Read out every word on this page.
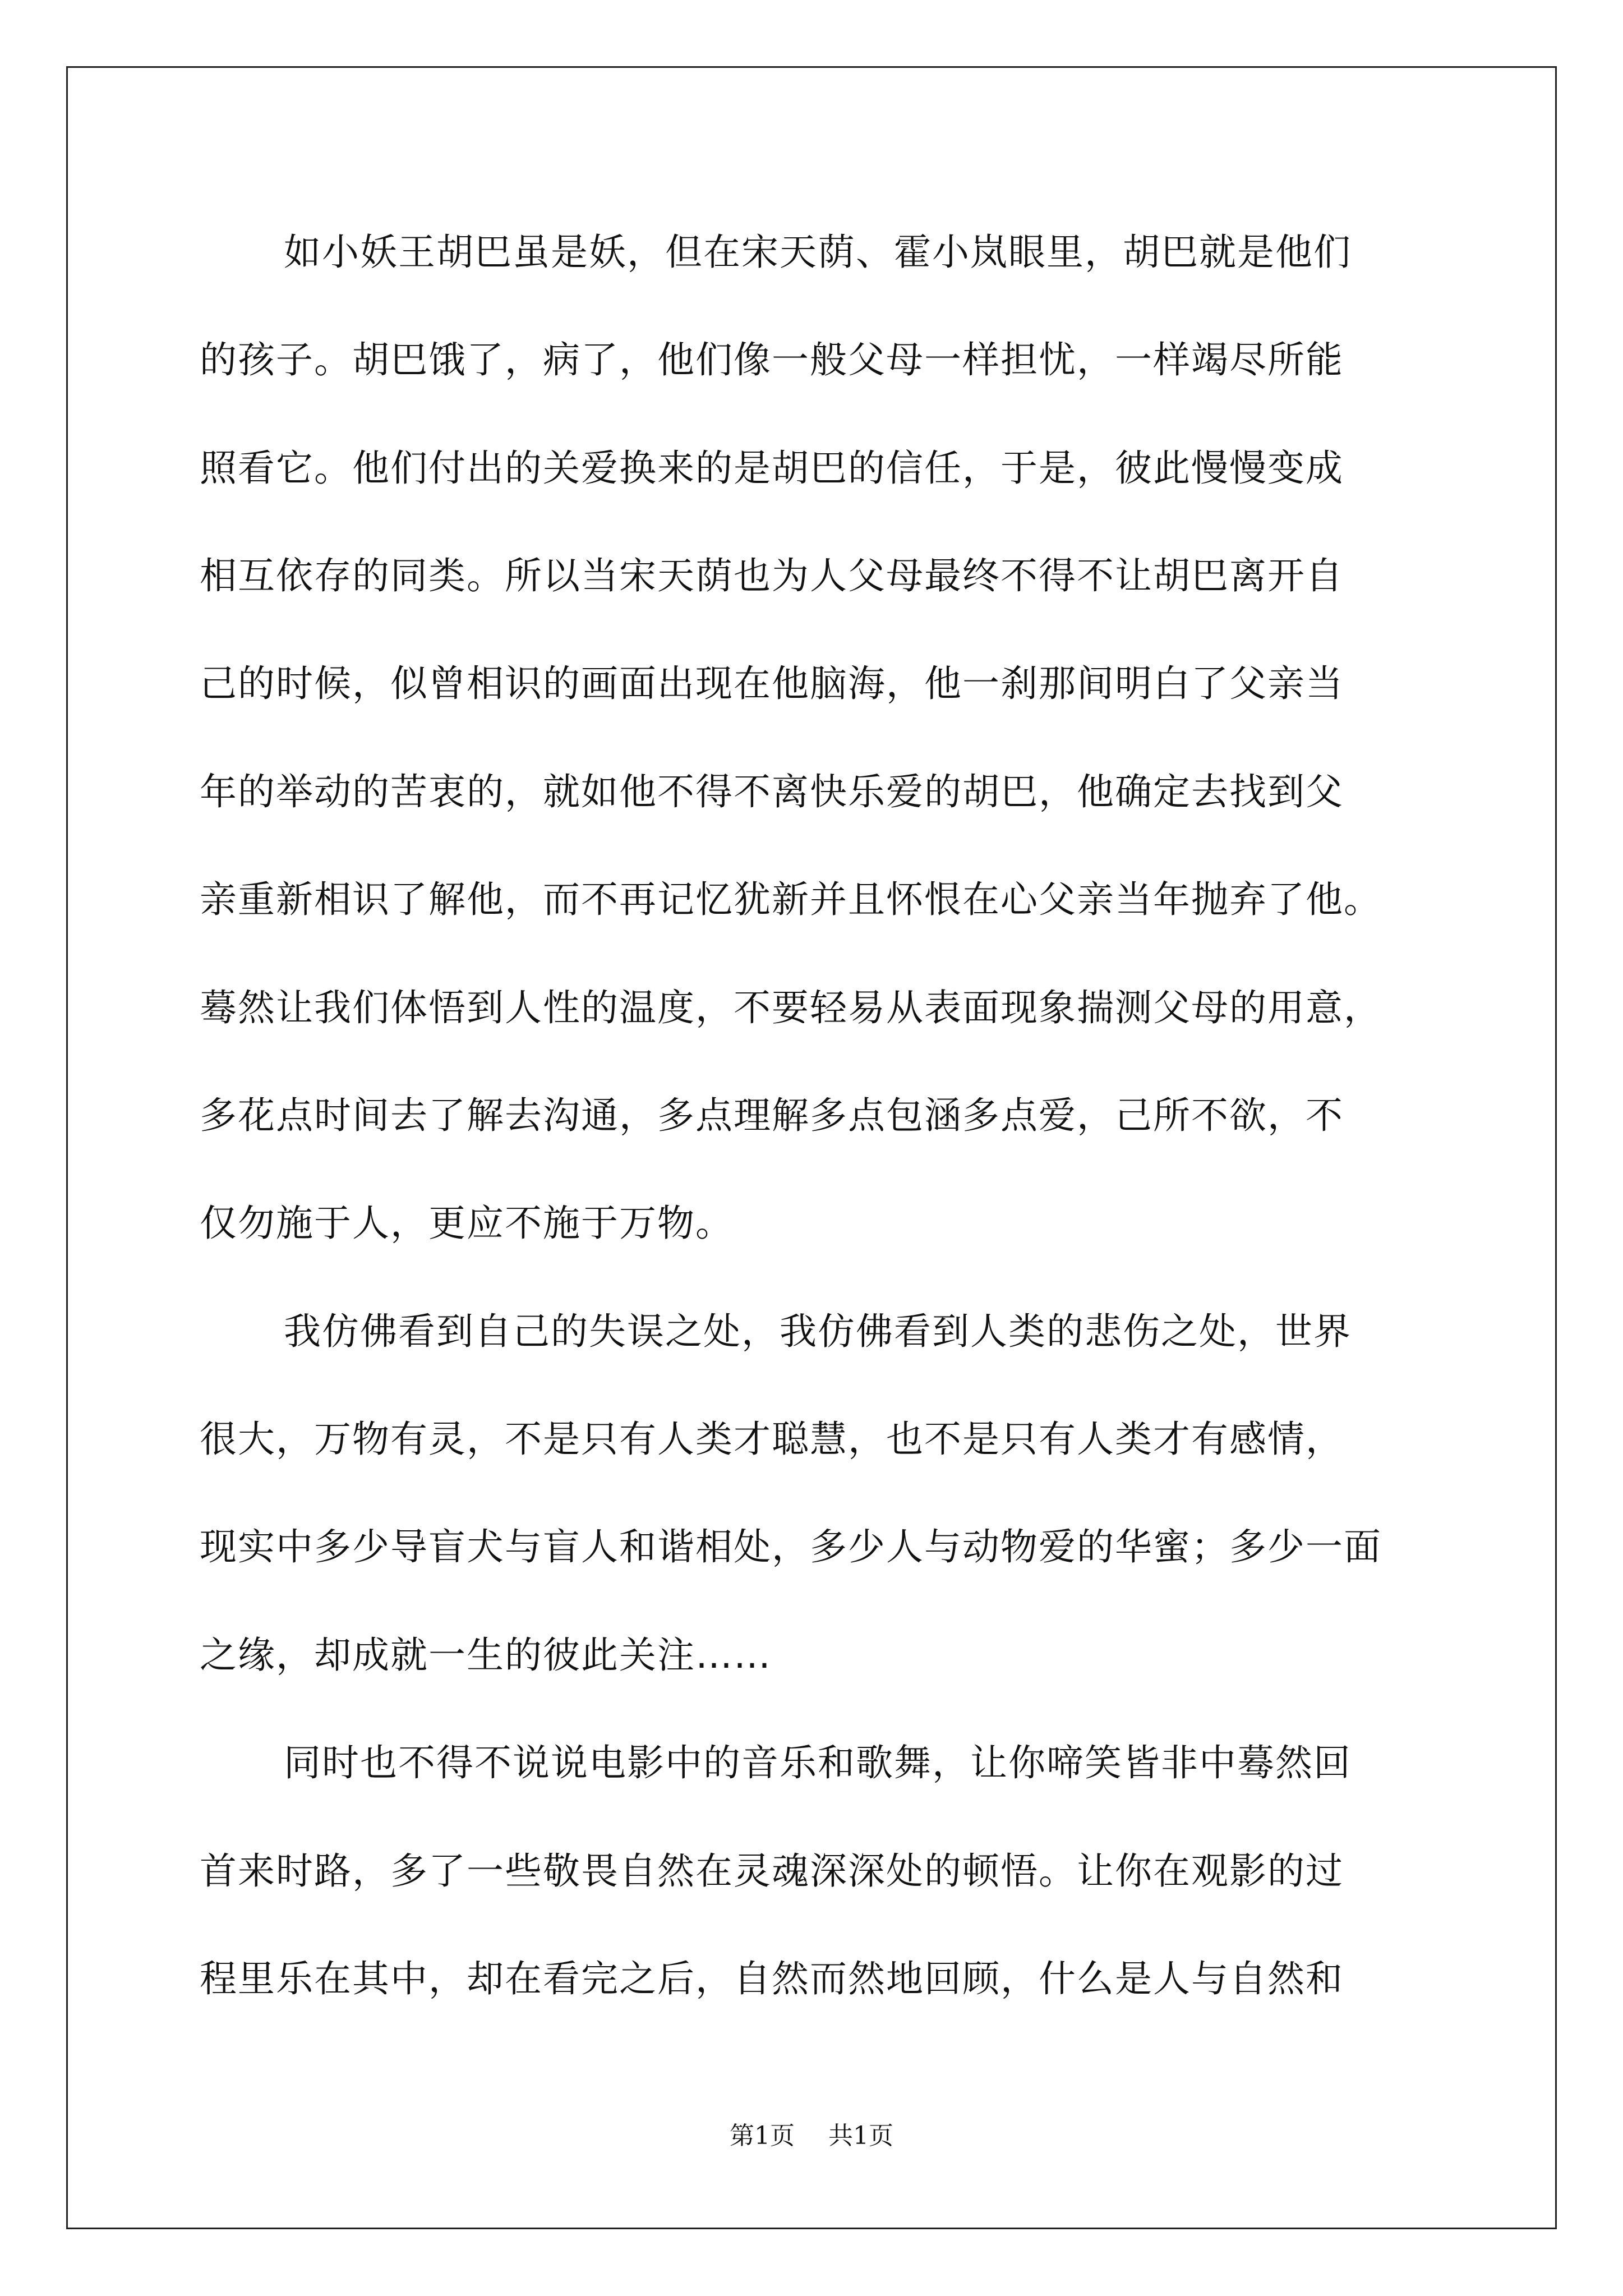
如小妖王胡巴虽是妖，但在宋天荫、霍小岚眼里，胡巴就是他们
的孩子。胡巴饿了，病了，他们像一般父母一样担忧，一样竭尽所能
照看它。他们付出的关爱换来的是胡巴的信任，于是，彼此慢慢变成
相互依存的同类。所以当宋天荫也为人父母最终不得不让胡巴离开自
己的时候，似曾相识的画面出现在他脑海，他一刹那间明白了父亲当
年的举动的苦衷的，就如他不得不离快乐爱的胡巴，他确定去找到父
亲重新相识了解他，而不再记忆犹新并且怀恨在心父亲当年抛弃了他。
蓦然让我们体悟到人性的温度，不要轻易从表面现象揣测父母的用意，
多花点时间去了解去沟通，多点理解多点包涵多点爱，己所不欲，不
仅勿施于人，更应不施于万物。
我仿佛看到自己的失误之处，我仿佛看到人类的悲伤之处，世界
很大，万物有灵，不是只有人类才聪慧，也不是只有人类才有感情，
现实中多少导盲犬与盲人和谐相处，多少人与动物爱的华蜜；多少一面
之缘，却成就一生的彼此关注……
同时也不得不说说电影中的音乐和歌舞，让你啼笑皆非中蓦然回
首来时路，多了一些敬畏自然在灵魂深深处的顿悟。让你在观影的过
程里乐在其中，却在看完之后，自然而然地回顾，什么是人与自然和
第1页 共1页
